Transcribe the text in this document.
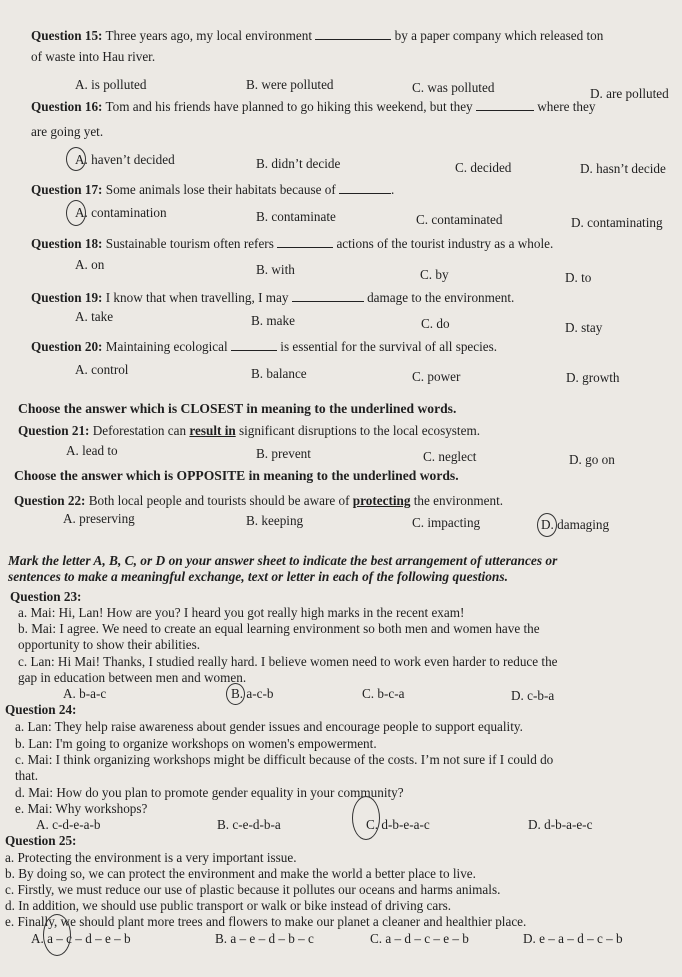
Question 15: Three years ago, my local environment	by a paper company which released ton
of waste into Hau river.
A. is polluted	B. were polluted	C. was polluted	D. are polluted
Question 16: Tom and his friends have planned to go hiking this weekend, but they	where they
are going yet.
A. haven’t decided	B. didn’t decide	C. decided	D. hasn’t decide
Question 17: Some animals lose their habitats because of	.
A. contamination	B. contaminate	C. contaminated	D. contaminating
Question 18: Sustainable tourism often refers	actions of the tourist industry as a whole.
A. on	B. with	C. by	D. to
Question 19: I know that when travelling, I may	damage to the environment.
A. take	B. make	C. do	D. stay
Question 20: Maintaining ecological	is essential for the survival of all species.
A. control	B. balance	C. power	D. growth
Choose the answer which is CLOSEST in meaning to the underlined words.
Question 21: Deforestation can result in significant disruptions to the local ecosystem.
A. lead to	B. prevent	C. neglect	D. go on
Choose the answer which is OPPOSITE in meaning to the underlined words.
Question 22: Both local people and tourists should be aware of protecting the environment.
A. preserving	B. keeping	C. impacting	D. damaging
Mark the letter A, B, C, or D on your answer sheet to indicate the best arrangement of utterances or
sentences to make a meaningful exchange, text or letter in each of the following questions.
Question 23:
a. Mai: Hi, Lan! How are you? I heard you got really high marks in the recent exam!
b. Mai: I agree. We need to create an equal learning environment so both men and women have the
opportunity to show their abilities.
c. Lan: Hi Mai! Thanks, I studied really hard. I believe women need to work even harder to reduce the
gap in education between men and women.
A. b-a-c	B. a-c-b	C. b-c-a	D. c-b-a
Question 24:
a. Lan: They help raise awareness about gender issues and encourage people to support equality.
b. Lan: I'm going to organize workshops on women's empowerment.
c. Mai: I think organizing workshops might be difficult because of the costs. I’m not sure if I could do
that.
d. Mai: How do you plan to promote gender equality in your community?
e. Mai: Why workshops?
A. c-d-e-a-b	B. c-e-d-b-a	C. d-b-e-a-c	D. d-b-a-e-c
Question 25:
a. Protecting the environment is a very important issue.
b. By doing so, we can protect the environment and make the world a better place to live.
c. Firstly, we must reduce our use of plastic because it pollutes our oceans and harms animals.
d. In addition, we should use public transport or walk or bike instead of driving cars.
e. Finally, we should plant more trees and flowers to make our planet a cleaner and healthier place.
A. a – c – d – e – b	B. a – e – d – b – c	C. a – d – c – e – b	D. e – a – d – c – b
